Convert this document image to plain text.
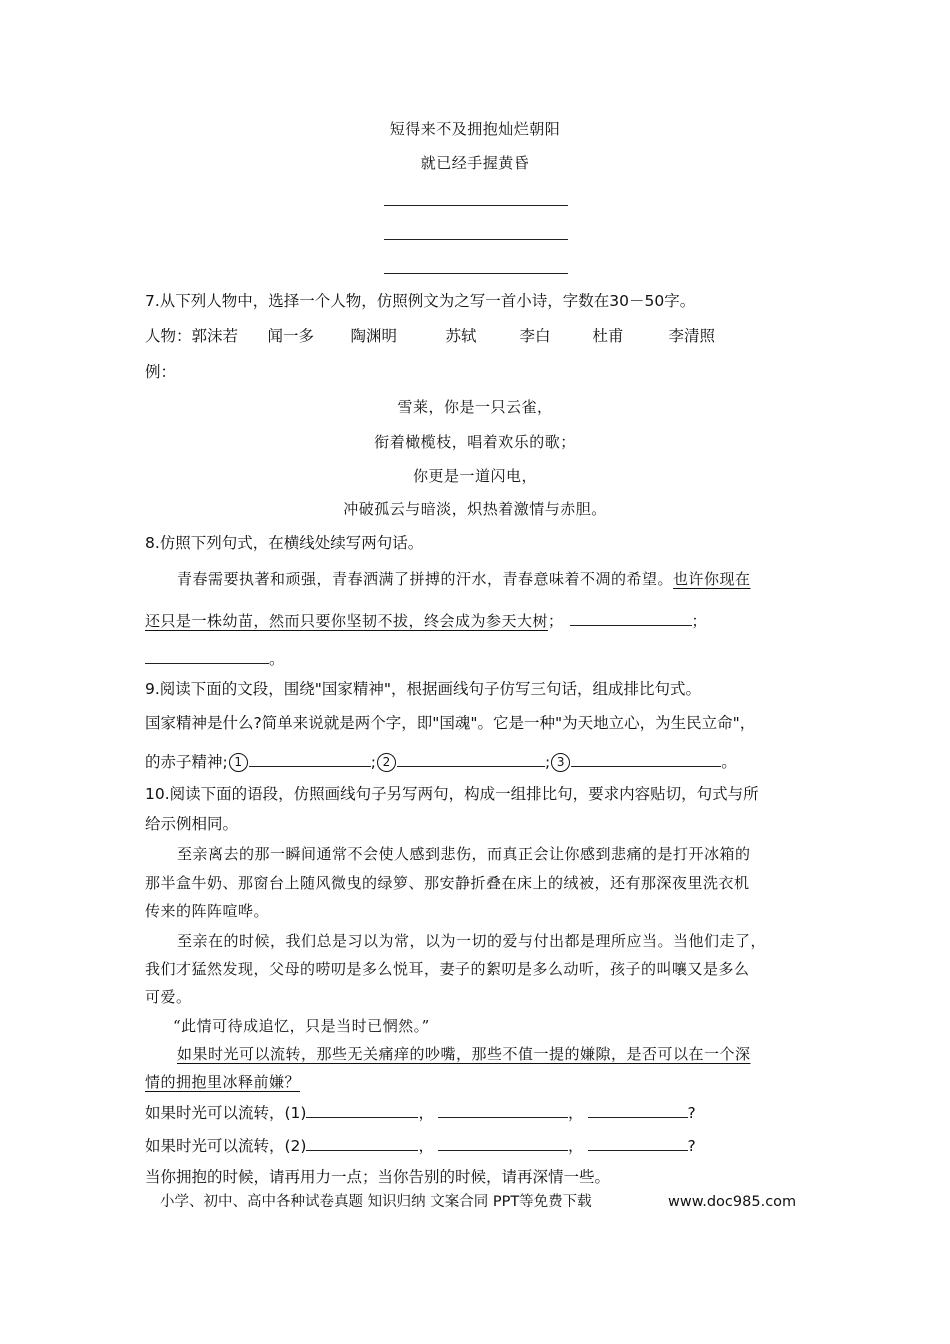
短得来不及拥抱灿烂朝阳
就已经手握黄昏
7.从下列人物中，选择一个人物，仿照例文为之写一首小诗，字数在30－50字。
人物：郭沫若 闻一多 陶渊明	苏轼	李白	杜甫	李清照
例：
雪莱，你是一只云雀，
衔着橄榄枝，唱着欢乐的歌；
你更是一道闪电，
冲破孤云与暗淡，炽热着激情与赤胆。
8.仿照下列句式，在横线处续写两句话。
青春需要执著和顽强，青春洒满了拼搏的汗水，青春意味着不凋的希望。也许你现在
还只是一株幼苗，然而只要你坚韧不拔，终会成为参天大树；	；
。
9.阅读下面的文段，围绕"国家精神"，根据画线句子仿写三句话，组成排比句式。
国家精神是什么?简单来说就是两个字，即"国魂"。它是一种"为天地立心，为生民立命"，
的赤子精神; 1	; 2	; 3	。
10.阅读下面的语段，仿照画线句子另写两句，构成一组排比句，要求内容贴切，句式与所
给示例相同。
至亲离去的那一瞬间通常不会使人感到悲伤，而真正会让你感到悲痛的是打开冰箱的
那半盒牛奶、那窗台上随风微曳的绿箩、那安静折叠在床上的绒被，还有那深夜里洗衣机
传来的阵阵喧哗。
至亲在的时候，我们总是习以为常，以为一切的爱与付出都是理所应当。当他们走了，
我们才猛然发现，父母的唠叨是多么悦耳，妻子的絮叨是多么动听，孩子的叫嚷又是多么
可爱。
“此情可待成追忆，只是当时已惘然。”
如果时光可以流转，那些无关痛痒的吵嘴，那些不值一提的嫌隙，是否可以在一个深
情的拥抱里冰释前嫌？
如果时光可以流转，(1)	，	，	?
如果时光可以流转，(2)	，	，	?
当你拥抱的时候，请再用力一点；当你告别的时候，请再深情一些。
小学、初中、高中各种试卷真题 知识归纳 文案合同 PPT等免费下载	www.doc985.com
